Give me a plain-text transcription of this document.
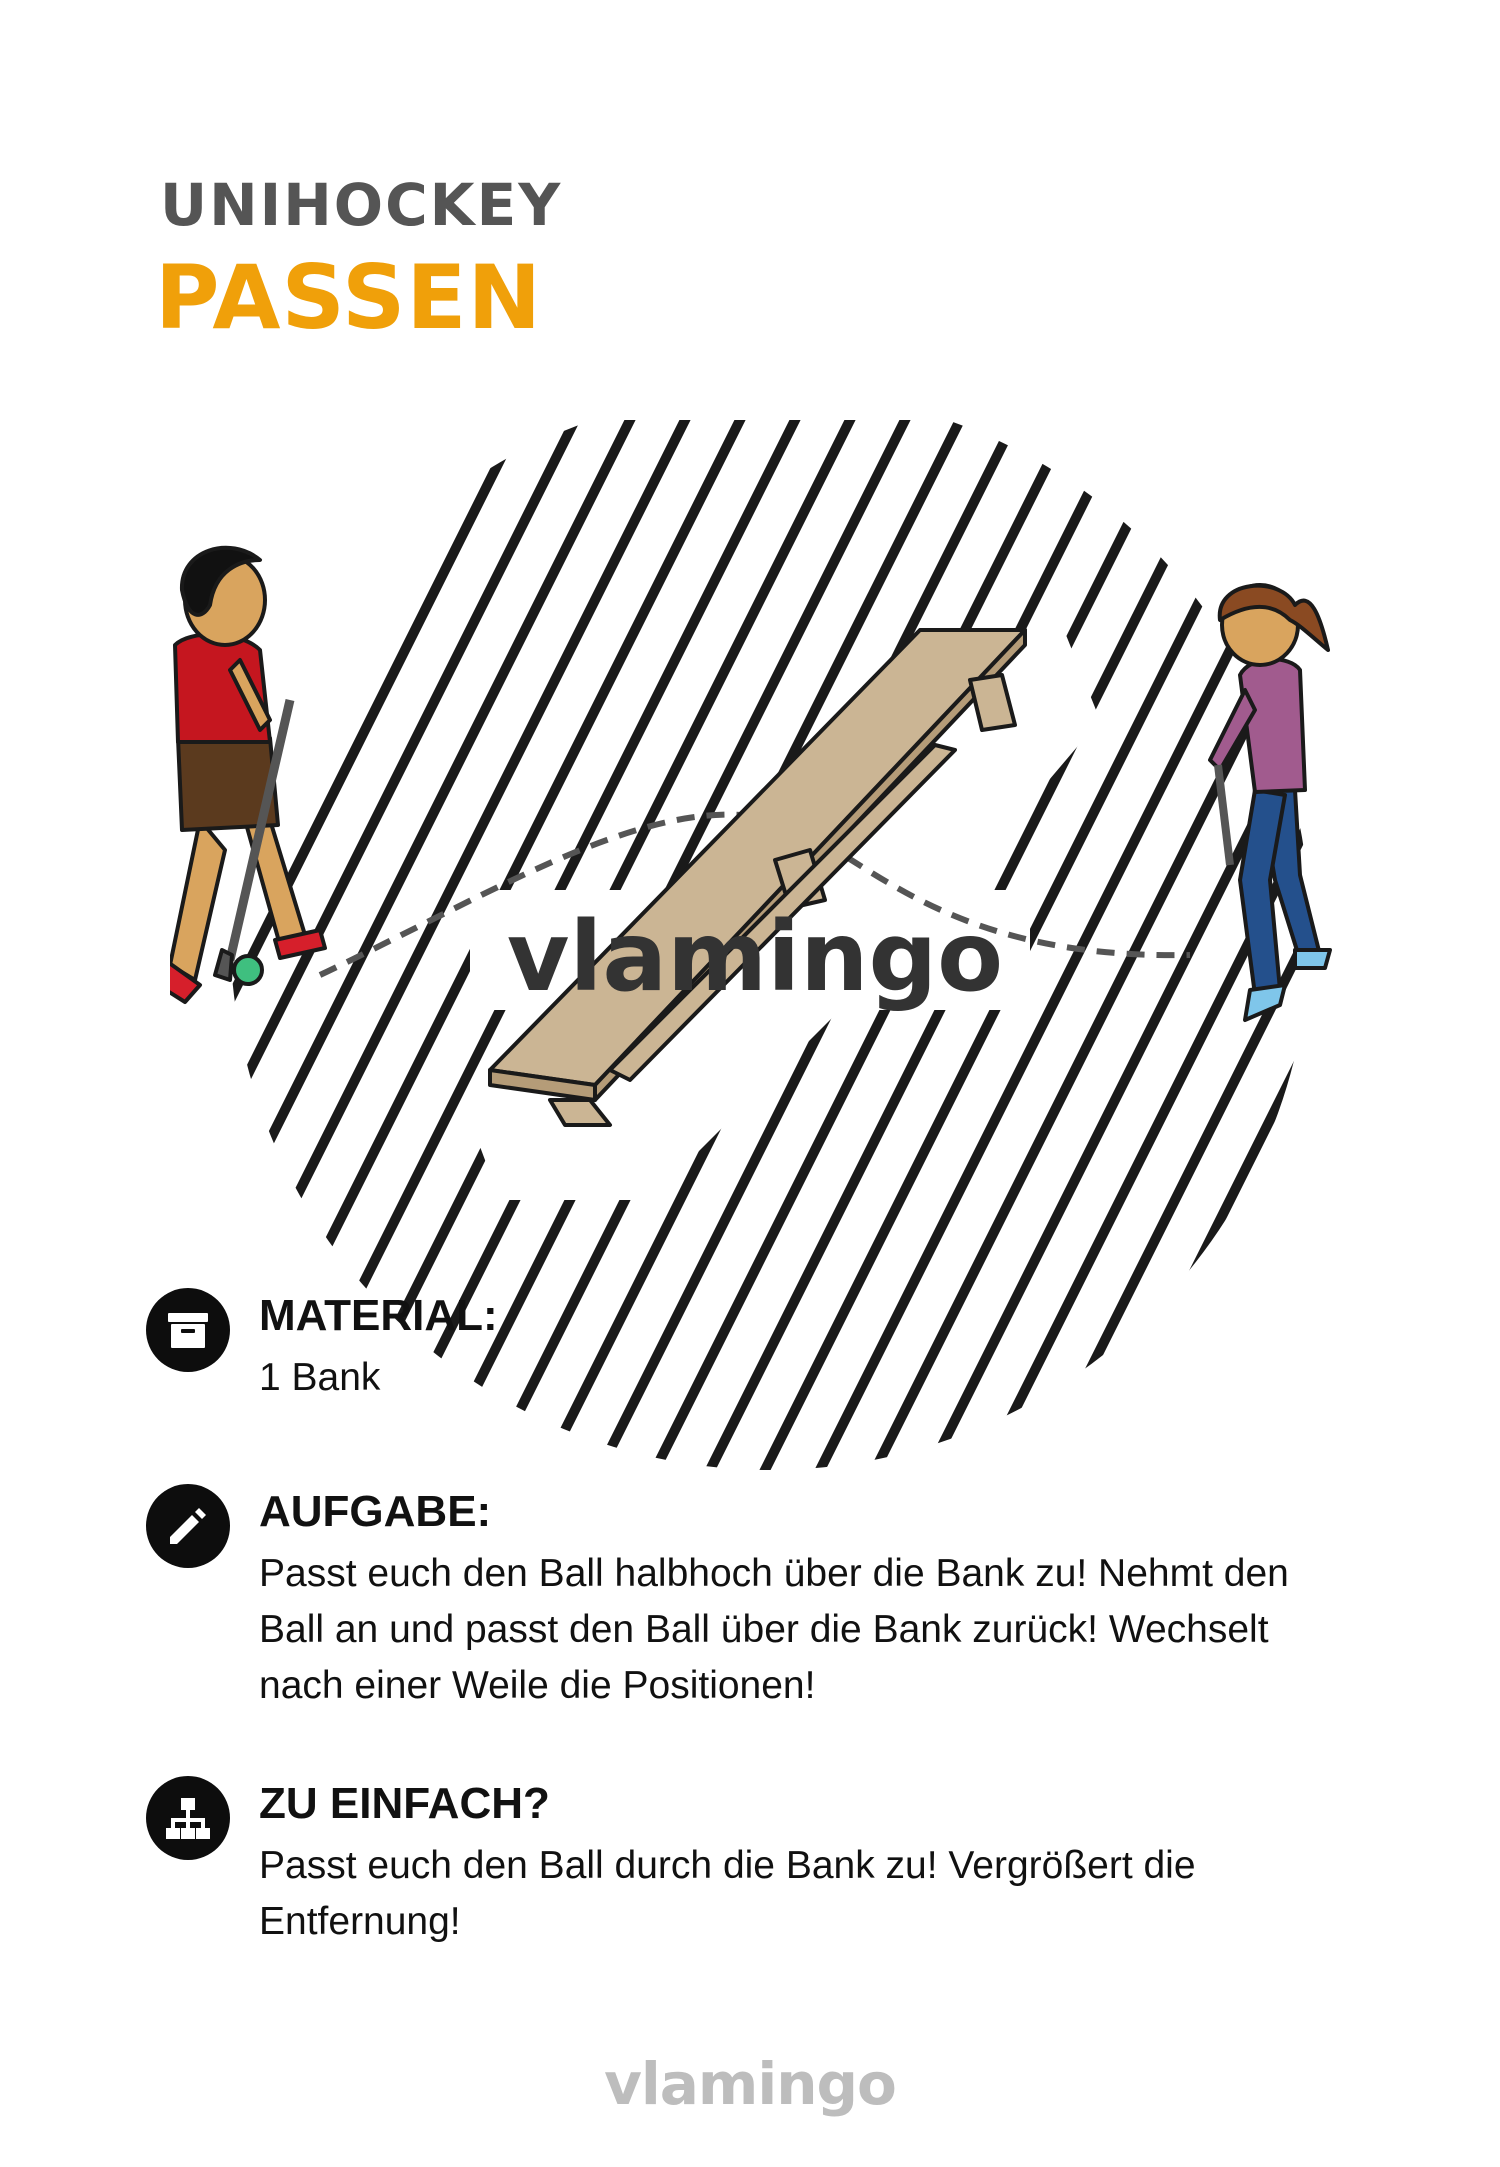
UNIHOCKEY
PASSEN
vlamingo
MATERIAL:
1 Bank
AUFGABE:
Passt euch den Ball halbhoch über die Bank zu! Nehmt den Ball an und passt den Ball über die Bank zurück! Wechselt nach einer Weile die Positionen!
ZU EINFACH?
Passt euch den Ball durch die Bank zu! Vergrößert die Entfernung!
vlamingo
